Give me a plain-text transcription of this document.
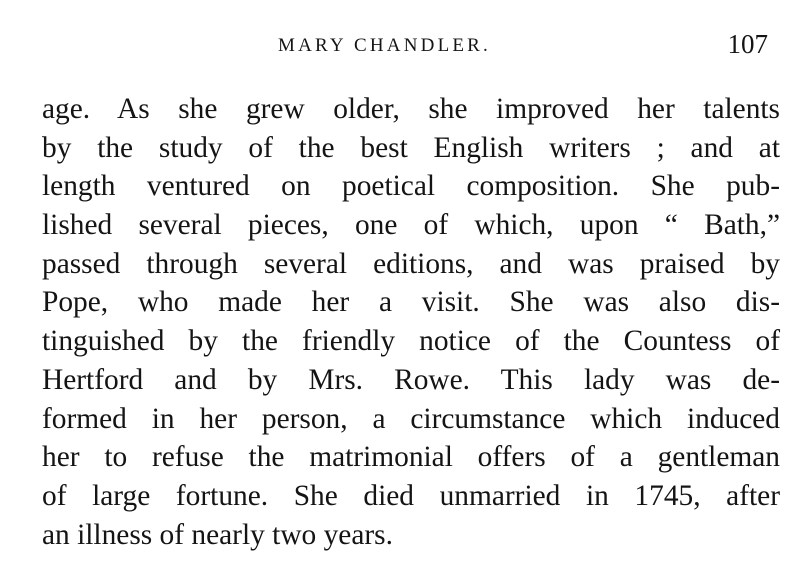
MARY CHANDLER.	107
age. As she grew older, she improved her talents
by the study of the best English writers ; and at
length ventured on poetical composition. She pub-
lished several pieces, one of which, upon “ Bath,”
passed through several editions, and was praised by
Pope, who made her a visit. She was also dis-
tinguished by the friendly notice of the Countess of
Hertford and by Mrs. Rowe. This lady was de-
formed in her person, a circumstance which induced
her to refuse the matrimonial offers of a gentleman
of large fortune. She died unmarried in 1745, after
an illness of nearly two years.
